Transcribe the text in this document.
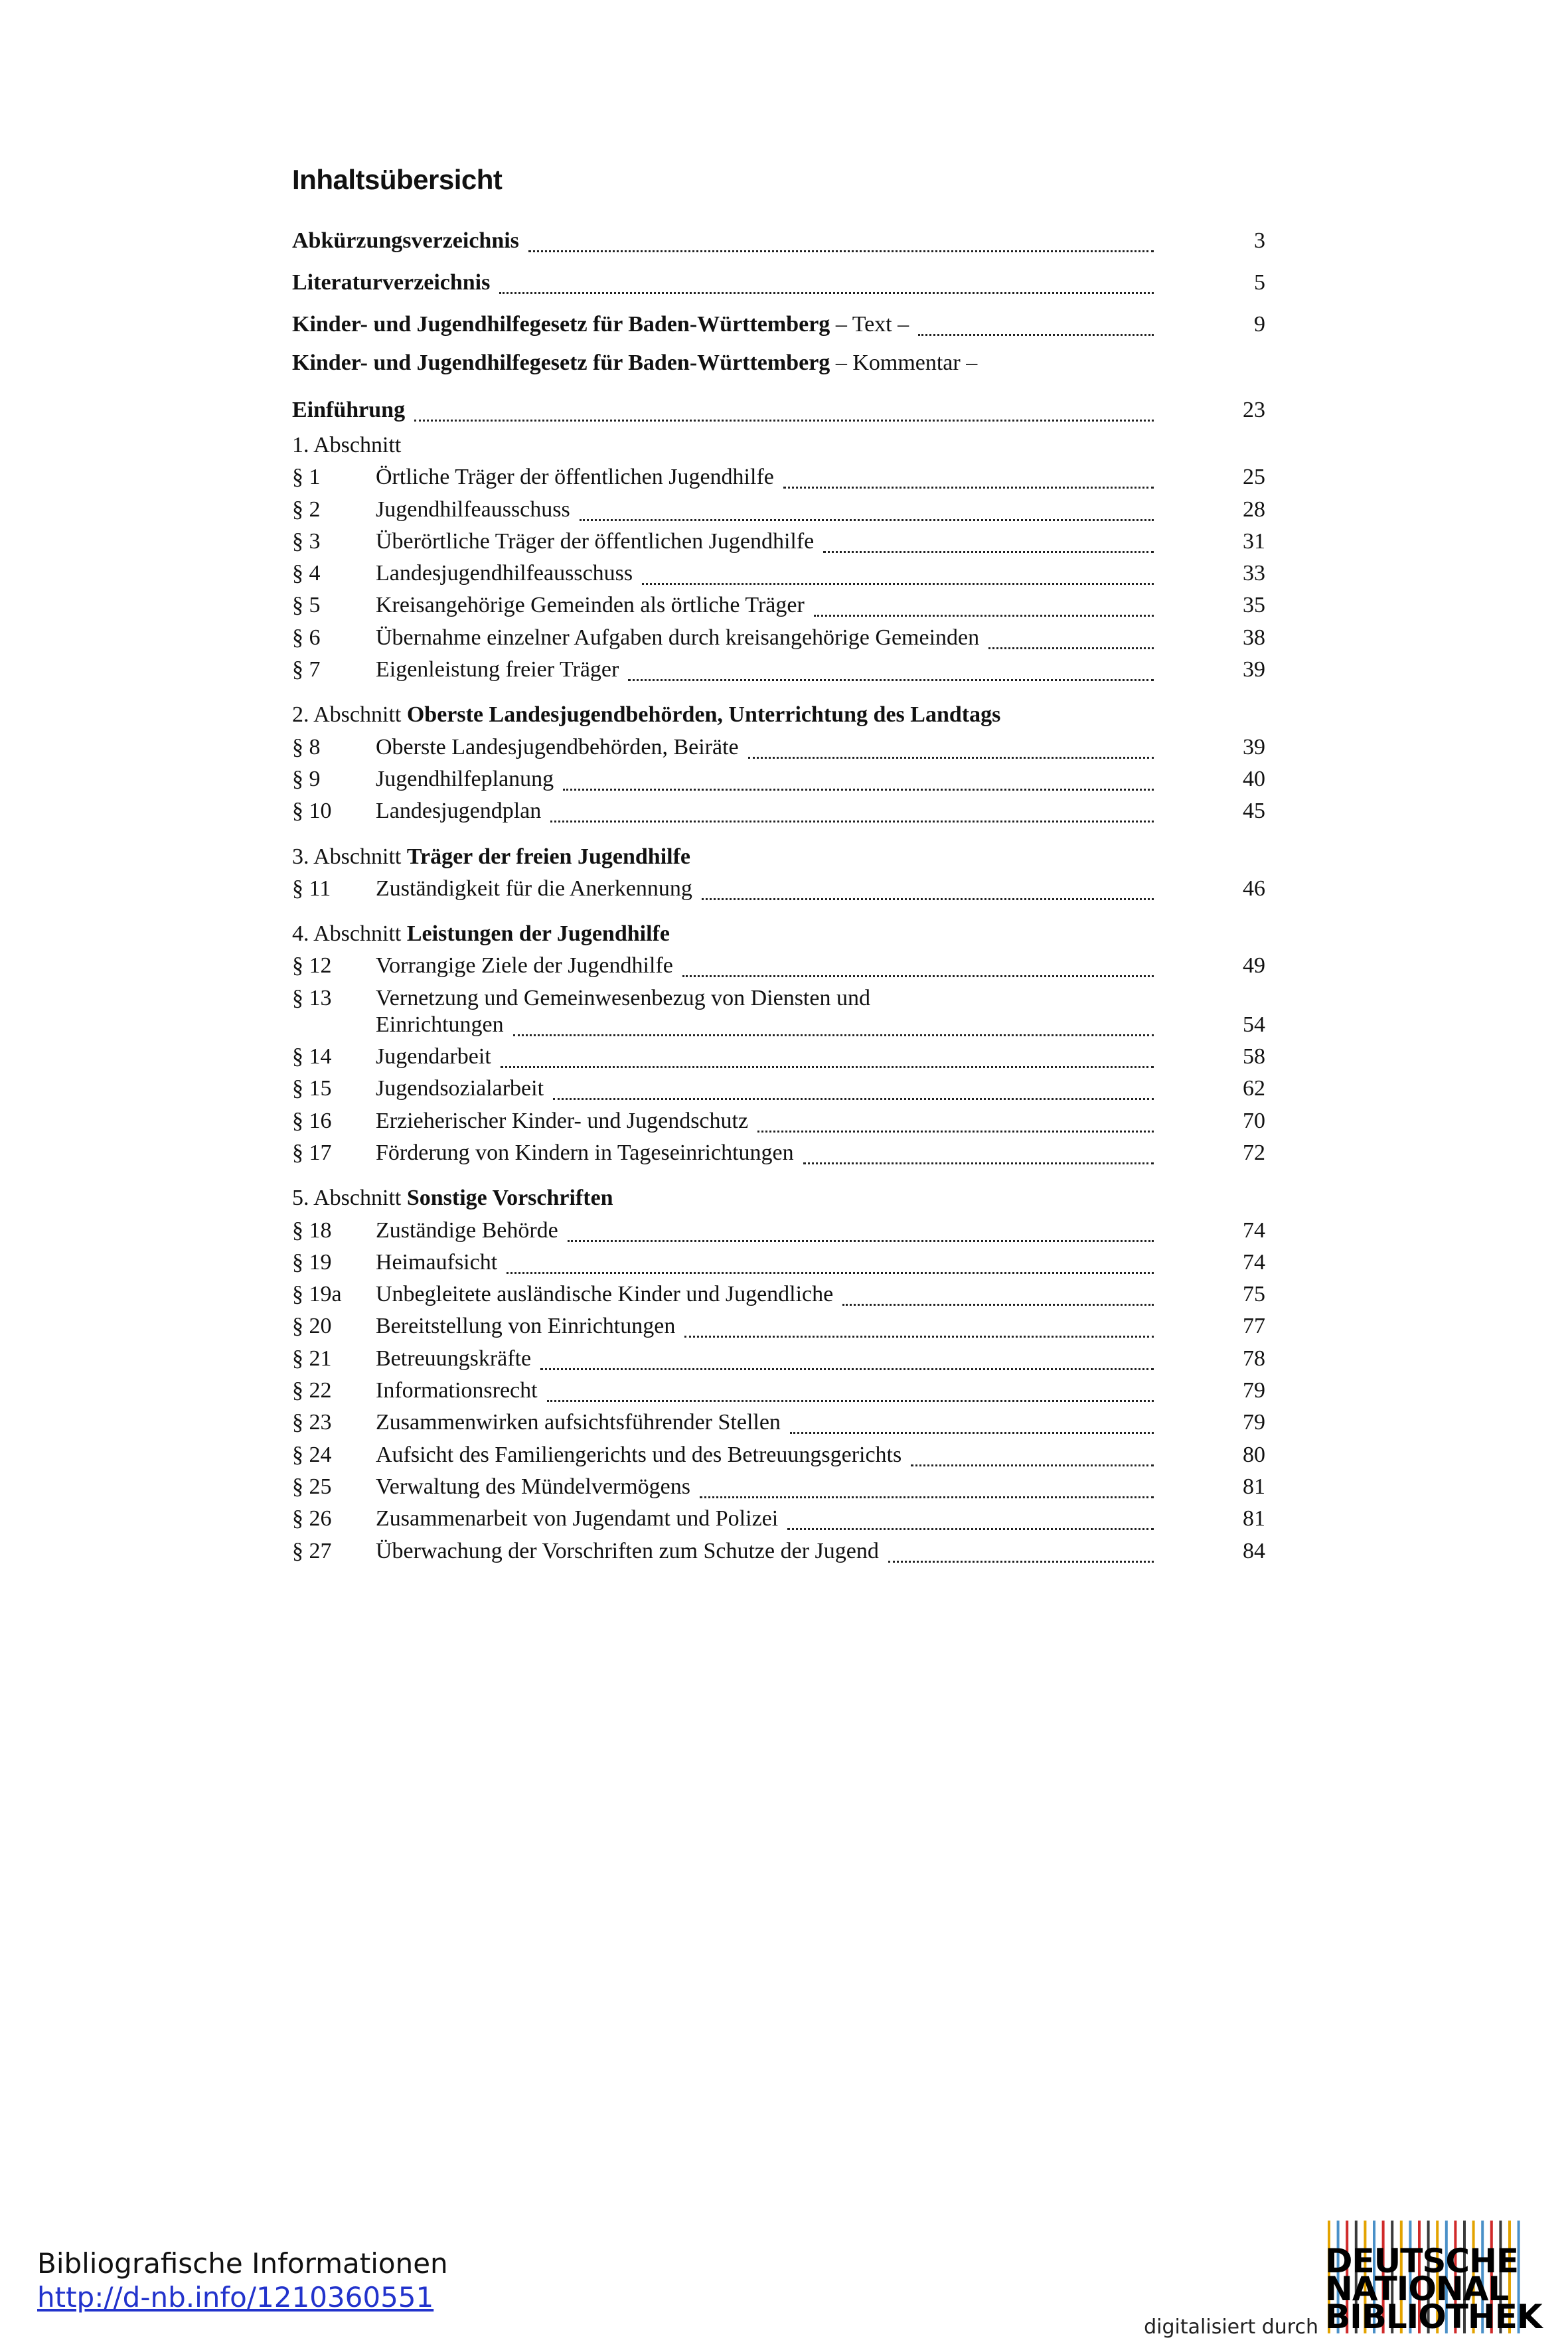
Inhaltsübersicht
Abkürzungsverzeichnis	3
Literaturverzeichnis	5
Kinder- und Jugendhilfegesetz für Baden-Württemberg – Text –	9
Kinder- und Jugendhilfegesetz für Baden-Württemberg – Kommentar –
Einführung	23
1. Abschnitt
§ 1 Örtliche Träger der öffentlichen Jugendhilfe	25
§ 2 Jugendhilfeausschuss	28
§ 3 Überörtliche Träger der öffentlichen Jugendhilfe	31
§ 4 Landesjugendhilfeausschuss	33
§ 5 Kreisangehörige Gemeinden als örtliche Träger	35
§ 6 Übernahme einzelner Aufgaben durch kreisangehörige Gemeinden	38
§ 7 Eigenleistung freier Träger	39
2. Abschnitt Oberste Landesjugendbehörden, Unterrichtung des Landtags
§ 8 Oberste Landesjugendbehörden, Beiräte	39
§ 9 Jugendhilfeplanung	40
§ 10 Landesjugendplan	45
3. Abschnitt Träger der freien Jugendhilfe
§ 11 Zuständigkeit für die Anerkennung	46
4. Abschnitt Leistungen der Jugendhilfe
§ 12 Vorrangige Ziele der Jugendhilfe	49
§ 13 Vernetzung und Gemeinwesenbezug von Diensten und
Einrichtungen	54
§ 14 Jugendarbeit	58
§ 15 Jugendsozialarbeit	62
§ 16 Erzieherischer Kinder- und Jugendschutz	70
§ 17 Förderung von Kindern in Tageseinrichtungen	72
5. Abschnitt Sonstige Vorschriften
§ 18 Zuständige Behörde	74
§ 19 Heimaufsicht	74
§ 19a Unbegleitete ausländische Kinder und Jugendliche	75
§ 20 Bereitstellung von Einrichtungen	77
§ 21 Betreuungskräfte	78
§ 22 Informationsrecht	79
§ 23 Zusammenwirken aufsichtsführender Stellen	79
§ 24 Aufsicht des Familiengerichts und des Betreuungsgerichts	80
§ 25 Verwaltung des Mündelvermögens	81
§ 26 Zusammenarbeit von Jugendamt und Polizei	81
§ 27 Überwachung der Vorschriften zum Schutze der Jugend	84
Bibliografische Informationen
http://d-nb.info/1210360551
digitalisiert durch
DEUTSCHE
NATIONAL
BIBLIOTHEK
